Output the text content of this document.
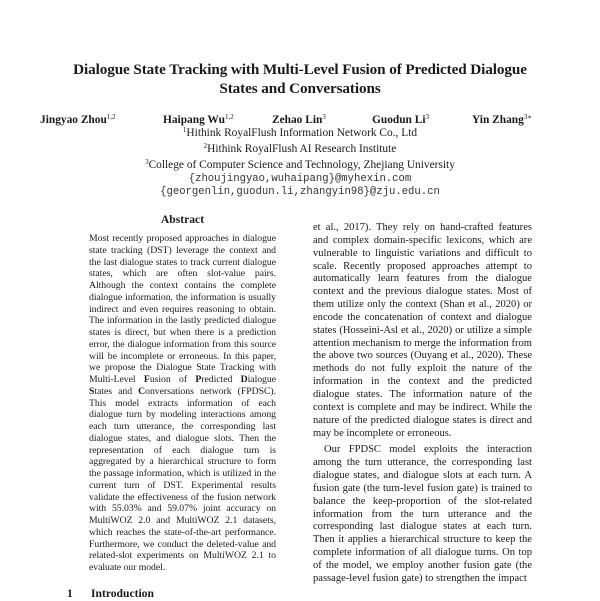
Dialogue State Tracking with Multi-Level Fusion of Predicted Dialogue States and Conversations
Jingyao Zhou$^{1,2}$	Haipang Wu$^{1,2}$	Zehao Lin$^3$	Guodun Li$^3$	Yin Zhang$^{3∗}$
$^1$Hithink RoyalFlush Information Network Co., Ltd
$^2$Hithink RoyalFlush AI Research Institute
$^3$College of Computer Science and Technology, Zhejiang University
{zhoujingyao,wuhaipang}@myhexin.com
{georgenlin,guodun.li,zhangyin98}@zju.edu.cn
Abstract
Most recently proposed approaches in dialogue state tracking (DST) leverage the context and the last dialogue states to track current dialogue states, which are often slot-value pairs. Although the context contains the complete dialogue information, the information is usually indirect and even requires reasoning to obtain. The information in the lastly predicted dialogue states is direct, but when there is a prediction error, the dialogue information from this source will be incomplete or erroneous. In this paper, we propose the Dialogue State Tracking with Multi-Level Fusion of Predicted Dialogue States and Conversations network (FPDSC). This model extracts information of each dialogue turn by modeling interactions among each turn utterance, the corresponding last dialogue states, and dialogue slots. Then the representation of each dialogue turn is aggregated by a hierarchical structure to form the passage information, which is utilized in the current turn of DST. Experimental results validate the effectiveness of the fusion network with 55.03% and 59.07% joint accuracy on MultiWOZ 2.0 and MultiWOZ 2.1 datasets, which reaches the state-of-the-art performance. Furthermore, we conduct the deleted-value and related-slot experiments on MultiWOZ 2.1 to evaluate our model.
1 Introduction

et al., 2017). They rely on hand-crafted features and complex domain-specific lexicons, which are vulnerable to linguistic variations and difficult to scale. Recently proposed approaches attempt to automatically learn features from the dialogue context and the previous dialogue states. Most of them utilize only the context (Shan et al., 2020) or encode the concatenation of context and dialogue states (Hosseini-Asl et al., 2020) or utilize a simple attention mechanism to merge the information from the above two sources (Ouyang et al., 2020). These methods do not fully exploit the nature of the information in the context and the predicted dialogue states. The information nature of the context is complete and may be indirect. While the nature of the predicted dialogue states is direct and may be incomplete or erroneous.

Our FPDSC model exploits the interaction among the turn utterance, the corresponding last dialogue states, and dialogue slots at each turn. A fusion gate (the turn-level fusion gate) is trained to balance the keep-proportion of the slot-related information from the turn utterance and the corresponding last dialogue states at each turn. Then it applies a hierarchical structure to keep the complete information of all dialogue turns. On top of the model, we employ another fusion gate (the passage-level fusion gate) to strengthen the impact
